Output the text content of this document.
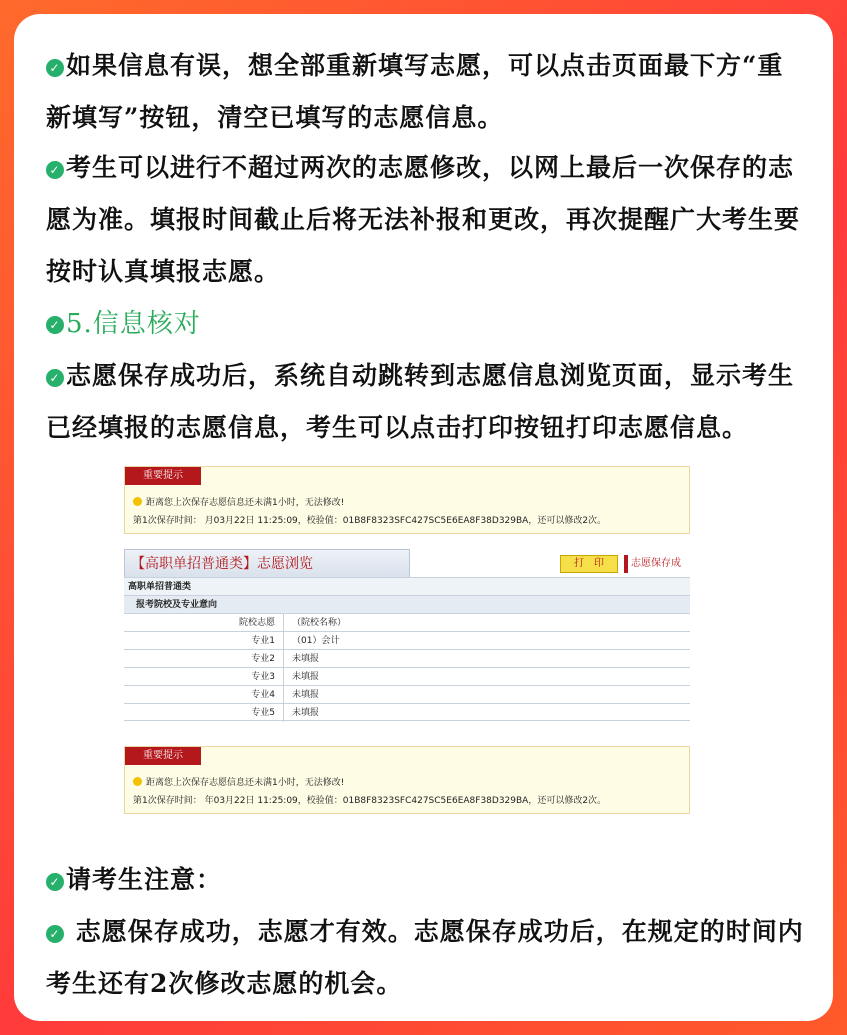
✓ 如果信息有误，想全部重新填写志愿，可以点击页面最下方“重新填写”按钮，清空已填写的志愿信息。
✓ 考生可以进行不超过两次的志愿修改，以网上最后一次保存的志愿为准。填报时间截止后将无法补报和更改，再次提醒广大考生要按时认真填报志愿。
✓ 5.信息核对
✓ 志愿保存成功后，系统自动跳转到志愿信息浏览页面，显示考生已经填报的志愿信息，考生可以点击打印按钮打印志愿信息。
重要提示
距离您上次保存志愿信息还未满1小时，无法修改!
第1次保存时间： 月03月22日 11:25:09，校验值：01B8F8323SFC427SC5E6EA8F38D329BA，还可以修改2次。
【高职单招普通类】志愿浏览	打　印	志愿保存成
高职单招普通类
报考院校及专业意向
院校志愿	（院校名称）
专业1	（01）会计
专业2	未填报
专业3	未填报
专业4	未填报
专业5	未填报
重要提示
距离您上次保存志愿信息还未满1小时，无法修改!
第1次保存时间： 年03月22日 11:25:09，校验值：01B8F8323SFC427SC5E6EA8F38D329BA，还可以修改2次。
✓ 请考生注意：
✓ 志愿保存成功，志愿才有效。志愿保存成功后，在规定的时间内考生还有2次修改志愿的机会。
